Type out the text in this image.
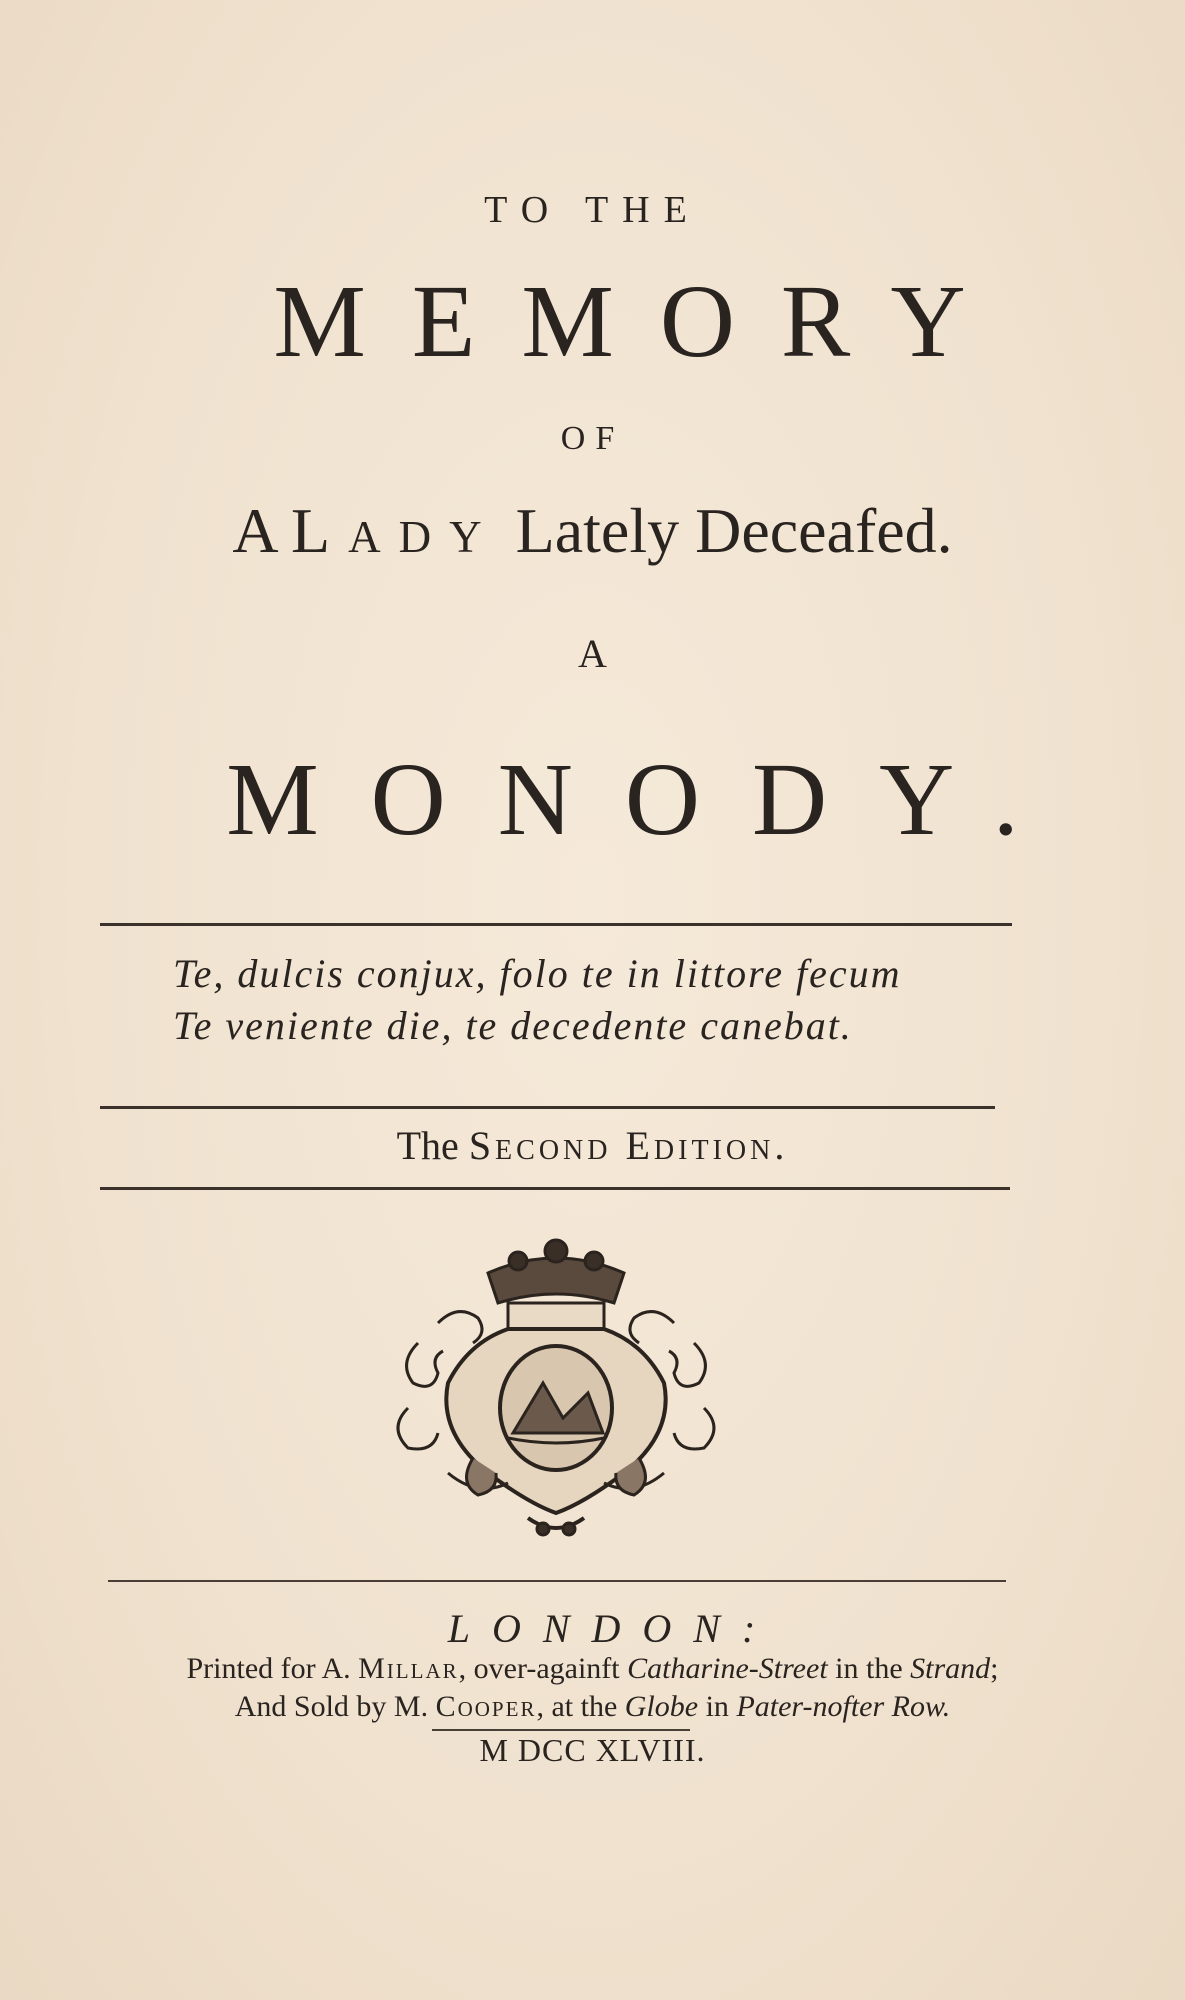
TO THE
MEMORY
OF
A Lady Lately Deceafed.
A
MONODY.
Te, dulcis conjux, folo te in littore fecum
Te veniente die, te decedente canebat.
The Second Edition.
LONDON:
Printed for A. Millar, over-againft Catharine-Street in the Strand;
And Sold by M. Cooper, at the Globe in Pater-nofter Row.
M DCC XLVIII.
